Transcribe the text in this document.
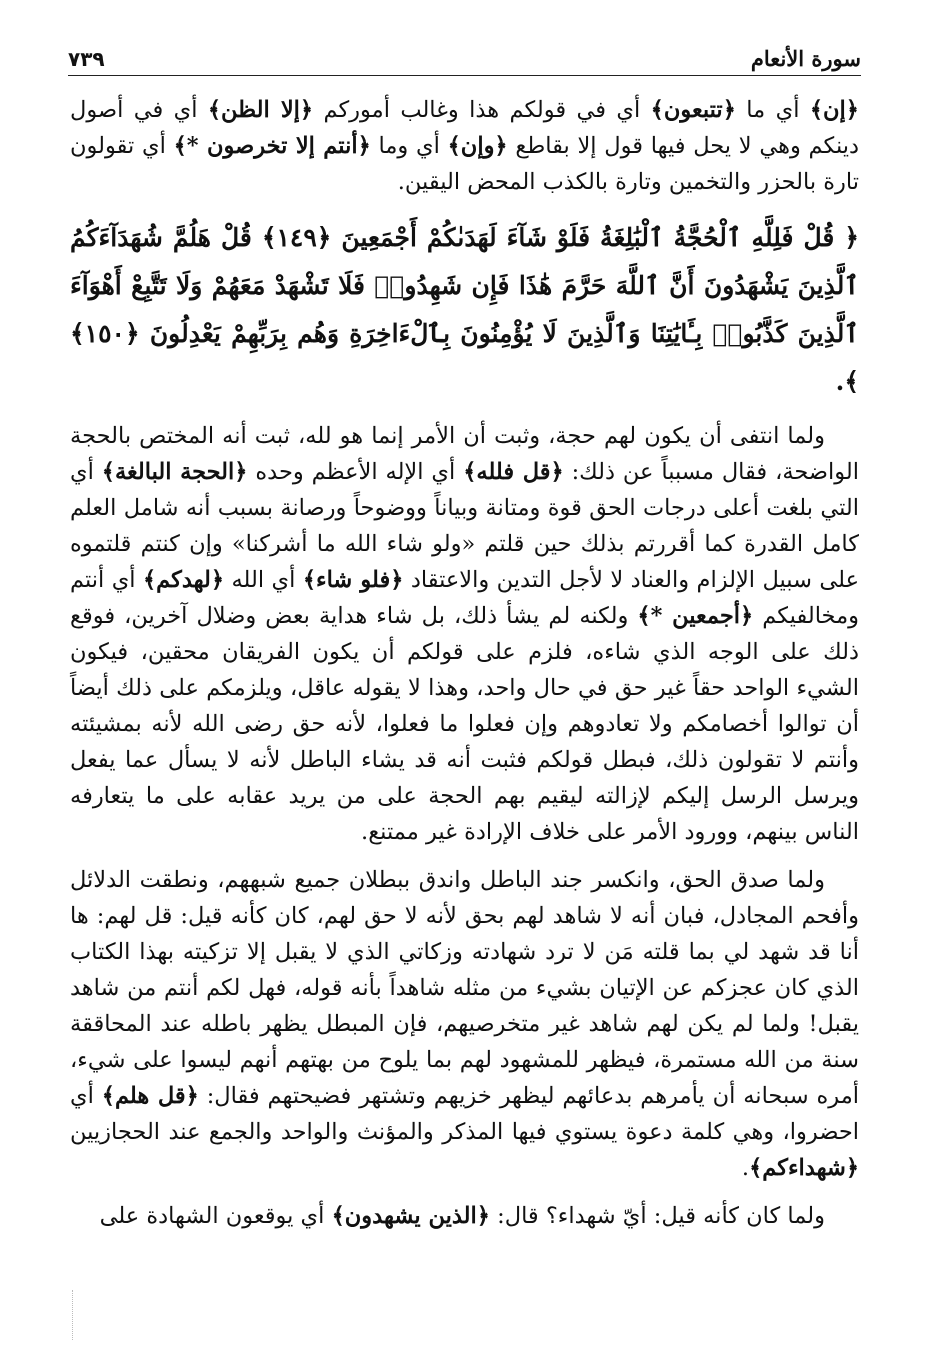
سورة الأنعام
٧٣٩

﴿إن﴾ أي ما ﴿تتبعون﴾ أي في قولكم هذا وغالب أموركم ﴿إلا الظن﴾ أي في أصول دينكم وهي لا يحل فيها قول إلا بقاطع ﴿وإن﴾ أي وما ﴿أنتم إلا تخرصون *﴾ أي تقولون تارة بالحزر والتخمين وتارة بالكذب المحض اليقين.

﴿ قُلْ فَلِلَّهِ ٱلْحُجَّةُ ٱلْبَٰلِغَةُ فَلَوْ شَآءَ لَهَدَىٰكُمْ أَجْمَعِينَ ﴿١٤٩﴾ قُلْ هَلُمَّ شُهَدَآءَكُمُ ٱلَّذِينَ يَشْهَدُونَ أَنَّ ٱللَّهَ حَرَّمَ هَٰذَا فَإِن شَهِدُوا۟ فَلَا تَشْهَدْ مَعَهُمْ وَلَا تَتَّبِعْ أَهْوَآءَ ٱلَّذِينَ كَذَّبُوا۟ بِـَٔايَٰتِنَا وَٱلَّذِينَ لَا يُؤْمِنُونَ بِٱلْءَاخِرَةِ وَهُم بِرَبِّهِمْ يَعْدِلُونَ ﴿١٥٠﴾ ﴾.

ولما انتفى أن يكون لهم حجة، وثبت أن الأمر إنما هو لله، ثبت أنه المختص بالحجة الواضحة، فقال مسبباً عن ذلك: ﴿قل فلله﴾ أي الإله الأعظم وحده ﴿الحجة البالغة﴾ أي التي بلغت أعلى درجات الحق قوة ومتانة وبياناً ووضوحاً ورصانة بسبب أنه شامل العلم كامل القدرة كما أقررتم بذلك حين قلتم «ولو شاء الله ما أشركنا» وإن كنتم قلتموه على سبيل الإلزام والعناد لا لأجل التدين والاعتقاد ﴿فلو شاء﴾ أي الله ﴿لهدكم﴾ أي أنتم ومخالفيكم ﴿أجمعين *﴾ ولكنه لم يشأ ذلك، بل شاء هداية بعض وضلال آخرين، فوقع ذلك على الوجه الذي شاءه، فلزم على قولكم أن يكون الفريقان محقين، فيكون الشيء الواحد حقاً غير حق في حال واحد، وهذا لا يقوله عاقل، ويلزمكم على ذلك أيضاً أن توالوا أخصامكم ولا تعادوهم وإن فعلوا ما فعلوا، لأنه حق رضى الله لأنه بمشيئته وأنتم لا تقولون ذلك، فبطل قولكم فثبت أنه قد يشاء الباطل لأنه لا يسأل عما يفعل ويرسل الرسل إليكم لإزالته ليقيم بهم الحجة على من يريد عقابه على ما يتعارفه الناس بينهم، وورود الأمر على خلاف الإرادة غير ممتنع.

ولما صدق الحق، وانكسر جند الباطل واندق ببطلان جميع شبههم، ونطقت الدلائل وأفحم المجادل، فبان أنه لا شاهد لهم بحق لأنه لا حق لهم، كان كأنه قيل: قل لهم: ها أنا قد شهد لي بما قلته مَن لا ترد شهادته وزكاتي الذي لا يقبل إلا تزكيته بهذا الكتاب الذي كان عجزكم عن الإتيان بشيء من مثله شاهداً بأنه قوله، فهل لكم أنتم من شاهد يقبل! ولما لم يكن لهم شاهد غير متخرصيهم، فإن المبطل يظهر باطله عند المحاققة سنة من الله مستمرة، فيظهر للمشهود لهم بما يلوح من بهتهم أنهم ليسوا على شيء، أمره سبحانه أن يأمرهم بدعائهم ليظهر خزيهم وتشتهر فضيحتهم فقال: ﴿قل هلم﴾ أي احضروا، وهي كلمة دعوة يستوي فيها المذكر والمؤنث والواحد والجمع عند الحجازيين ﴿شهداءكم﴾.

ولما كان كأنه قيل: أيّ شهداء؟ قال: ﴿الذين يشهدون﴾ أي يوقعون الشهادة على
